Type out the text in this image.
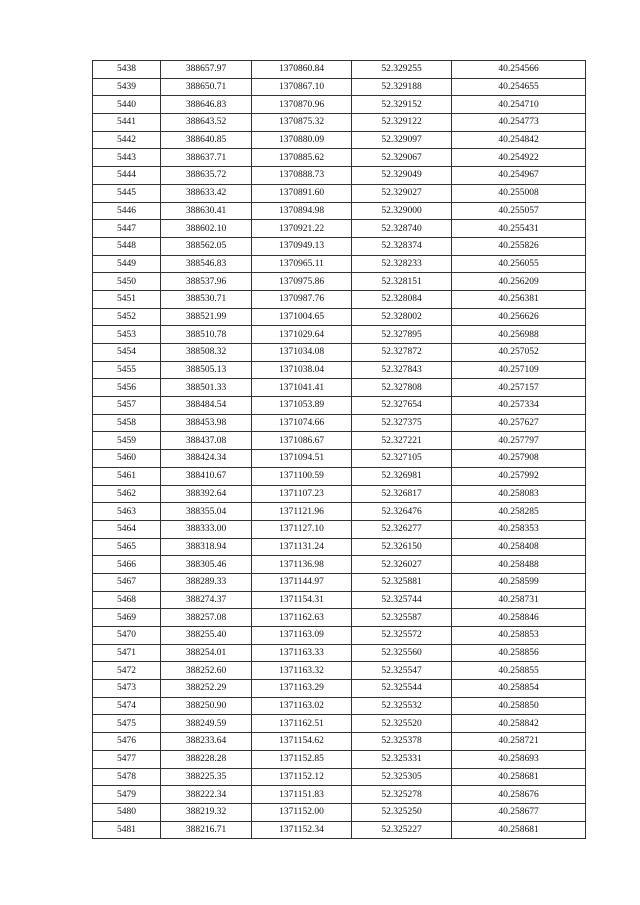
5438	388657.97	1370860.84	52.329255	40.254566
5439	388650.71	1370867.10	52.329188	40.254655
5440	388646.83	1370870.96	52.329152	40.254710
5441	388643.52	1370875.32	52.329122	40.254773
5442	388640.85	1370880.09	52.329097	40.254842
5443	388637.71	1370885.62	52.329067	40.254922
5444	388635.72	1370888.73	52.329049	40.254967
5445	388633.42	1370891.60	52.329027	40.255008
5446	388630.41	1370894.98	52.329000	40.255057
5447	388602.10	1370921.22	52.328740	40.255431
5448	388562.05	1370949.13	52.328374	40.255826
5449	388546.83	1370965.11	52.328233	40.256055
5450	388537.96	1370975.86	52.328151	40.256209
5451	388530.71	1370987.76	52.328084	40.256381
5452	388521.99	1371004.65	52.328002	40.256626
5453	388510.78	1371029.64	52.327895	40.256988
5454	388508.32	1371034.08	52.327872	40.257052
5455	388505.13	1371038.04	52.327843	40.257109
5456	388501.33	1371041.41	52.327808	40.257157
5457	388484.54	1371053.89	52.327654	40.257334
5458	388453.98	1371074.66	52.327375	40.257627
5459	388437.08	1371086.67	52.327221	40.257797
5460	388424.34	1371094.51	52.327105	40.257908
5461	388410.67	1371100.59	52.326981	40.257992
5462	388392.64	1371107.23	52.326817	40.258083
5463	388355.04	1371121.96	52.326476	40.258285
5464	388333.00	1371127.10	52.326277	40.258353
5465	388318.94	1371131.24	52.326150	40.258408
5466	388305.46	1371136.98	52.326027	40.258488
5467	388289.33	1371144.97	52.325881	40.258599
5468	388274.37	1371154.31	52.325744	40.258731
5469	388257.08	1371162.63	52.325587	40.258846
5470	388255.40	1371163.09	52.325572	40.258853
5471	388254.01	1371163.33	52.325560	40.258856
5472	388252.60	1371163.32	52.325547	40.258855
5473	388252.29	1371163.29	52.325544	40.258854
5474	388250.90	1371163.02	52.325532	40.258850
5475	388249.59	1371162.51	52.325520	40.258842
5476	388233.64	1371154.62	52.325378	40.258721
5477	388228.28	1371152.85	52.325331	40.258693
5478	388225.35	1371152.12	52.325305	40.258681
5479	388222.34	1371151.83	52.325278	40.258676
5480	388219.32	1371152.00	52.325250	40.258677
5481	388216.71	1371152.34	52.325227	40.258681
